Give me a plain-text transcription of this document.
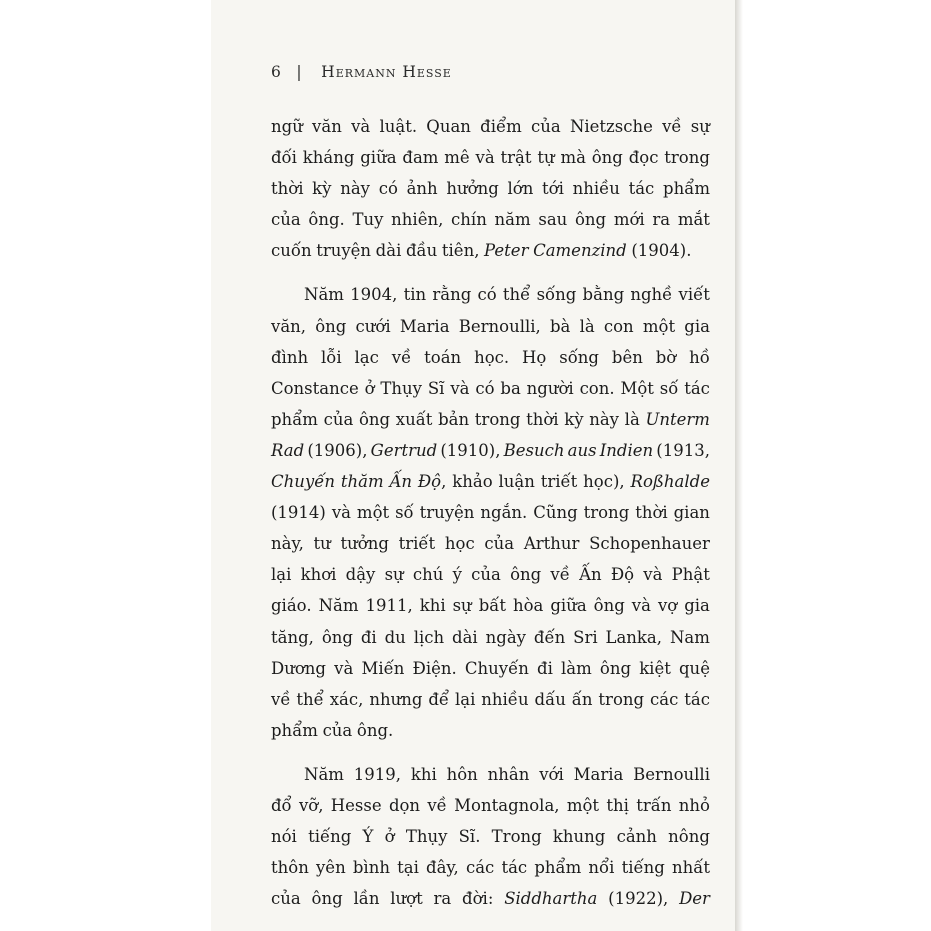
6 | Hermann Hesse
ngữ văn và luật. Quan điểm của Nietzsche về sự
đối kháng giữa đam mê và trật tự mà ông đọc trong
thời kỳ này có ảnh hưởng lớn tới nhiều tác phẩm
của ông. Tuy nhiên, chín năm sau ông mới ra mắt
cuốn truyện dài đầu tiên, Peter Camenzind (1904).
Năm 1904, tin rằng có thể sống bằng nghề viết
văn, ông cưới Maria Bernoulli, bà là con một gia
đình lỗi lạc về toán học. Họ sống bên bờ hồ
Constance ở Thụy Sĩ và có ba người con. Một số tác
phẩm của ông xuất bản trong thời kỳ này là Unterm
Rad (1906), Gertrud (1910), Besuch aus Indien (1913,
Chuyến thăm Ấn Độ, khảo luận triết học), Roßhalde
(1914) và một số truyện ngắn. Cũng trong thời gian
này, tư tưởng triết học của Arthur Schopenhauer
lại khơi dậy sự chú ý của ông về Ấn Độ và Phật
giáo. Năm 1911, khi sự bất hòa giữa ông và vợ gia
tăng, ông đi du lịch dài ngày đến Sri Lanka, Nam
Dương và Miến Điện. Chuyến đi làm ông kiệt quệ
về thể xác, nhưng để lại nhiều dấu ấn trong các tác
phẩm của ông.
Năm 1919, khi hôn nhân với Maria Bernoulli
đổ vỡ, Hesse dọn về Montagnola, một thị trấn nhỏ
nói tiếng Ý ở Thụy Sĩ. Trong khung cảnh nông
thôn yên bình tại đây, các tác phẩm nổi tiếng nhất
của ông lần lượt ra đời: Siddhartha (1922), Der
